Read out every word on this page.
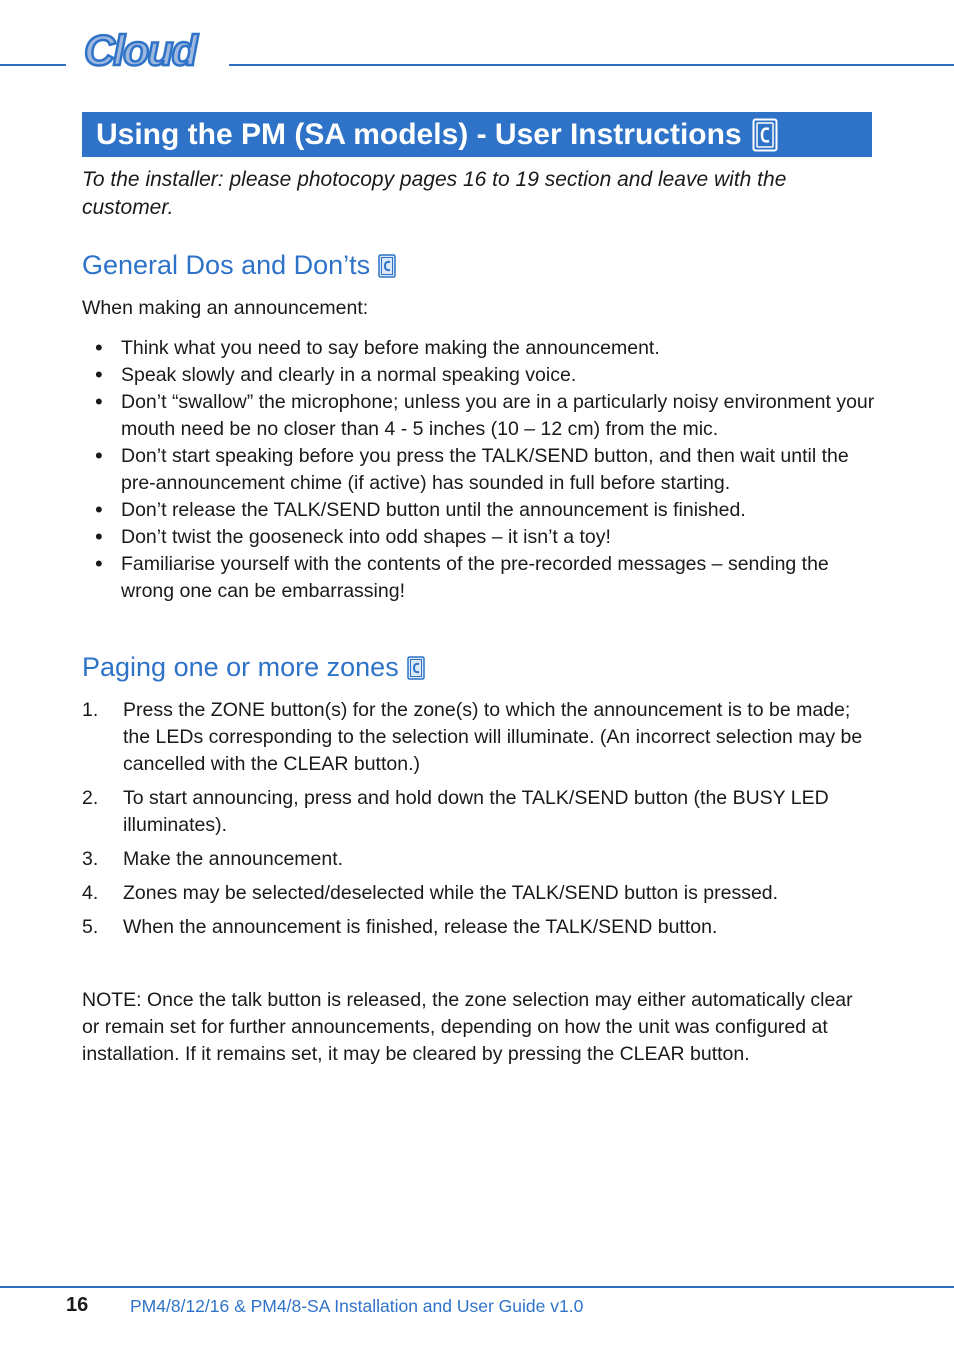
Cloud
Using the PM (SA models) - User Instructions
To the installer: please photocopy pages 16 to 19 section and leave with the customer.
General Dos and Don’ts
When making an announcement:
• Think what you need to say before making the announcement.
• Speak slowly and clearly in a normal speaking voice.
• Don’t “swallow” the microphone; unless you are in a particularly noisy environment your mouth need be no closer than 4 - 5 inches (10 – 12 cm) from the mic.
• Don’t start speaking before you press the TALK/SEND button, and then wait until the pre-announcement chime (if active) has sounded in full before starting.
• Don’t release the TALK/SEND button until the announcement is finished.
• Don’t twist the gooseneck into odd shapes – it isn’t a toy!
• Familiarise yourself with the contents of the pre-recorded messages – sending the wrong one can be embarrassing!
Paging one or more zones
1. Press the ZONE button(s) for the zone(s) to which the announcement is to be made; the LEDs corresponding to the selection will illuminate. (An incorrect selection may be cancelled with the CLEAR button.)
2. To start announcing, press and hold down the TALK/SEND button (the BUSY LED illuminates).
3. Make the announcement.
4. Zones may be selected/deselected while the TALK/SEND button is pressed.
5. When the announcement is finished, release the TALK/SEND button.
NOTE: Once the talk button is released, the zone selection may either automatically clear or remain set for further announcements, depending on how the unit was configured at installation. If it remains set, it may be cleared by pressing the CLEAR button.
16 PM4/8/12/16 & PM4/8-SA Installation and User Guide v1.0
